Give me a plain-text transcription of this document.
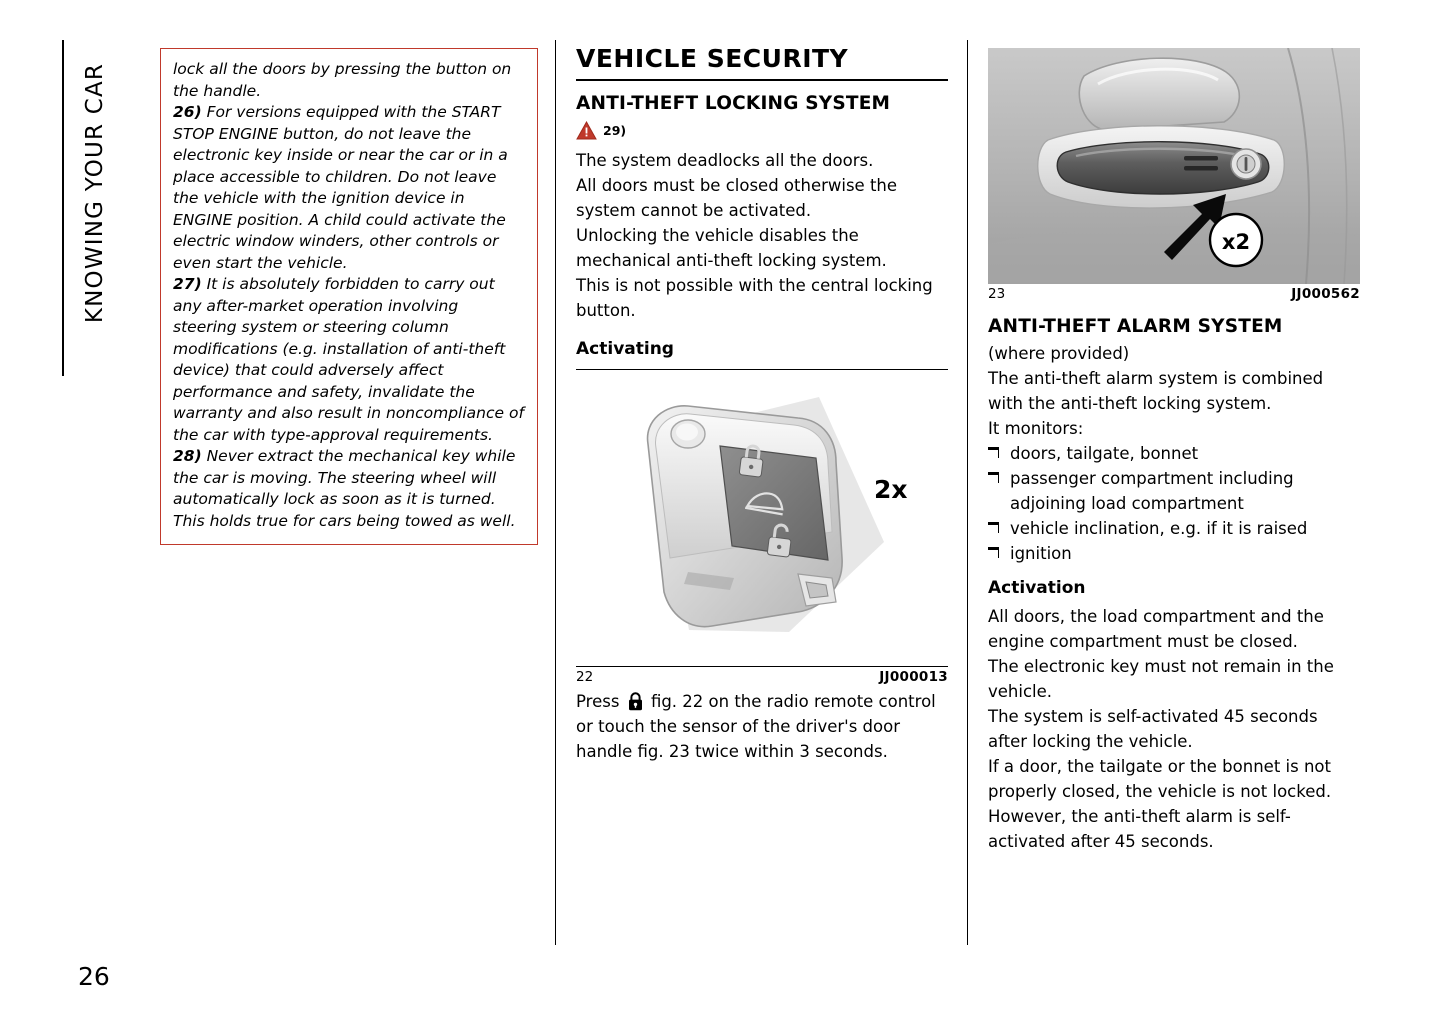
KNOWING YOUR CAR	lock all the doors by pressing the button on the handle.

26) For versions equipped with the START STOP ENGINE button, do not leave the electronic key inside or near the car or in a place accessible to children. Do not leave the vehicle with the ignition device in ENGINE position. A child could activate the electric window winders, other controls or even start the vehicle.

27) It is absolutely forbidden to carry out any after-market operation involving steering system or steering column modifications (e.g. installation of anti-theft device) that could adversely affect performance and safety, invalidate the warranty and also result in noncompliance of the car with type-approval requirements.

28) Never extract the mechanical key while the car is moving. The steering wheel will automatically lock as soon as it is turned. This holds true for cars being towed as well.

VEHICLE SECURITY
ANTI-THEFT LOCKING SYSTEM
29)

The system deadlocks all the doors.

All doors must be closed otherwise the system cannot be activated.

Unlocking the vehicle disables the mechanical anti-theft locking system.

This is not possible with the central locking button.

Activating
2x
22	JJ000013
Press fig. 22 on the radio remote control or touch the sensor of the driver's door handle fig. 23 twice within 3 seconds.
x2
23	JJ000562
ANTI-THEFT ALARM SYSTEM

(where provided)

The anti-theft alarm system is combined with the anti-theft locking system.

It monitors:

doors, tailgate, bonnet

passenger compartment including adjoining load compartment

vehicle inclination, e.g. if it is raised

ignition

Activation

All doors, the load compartment and the engine compartment must be closed.

The electronic key must not remain in the vehicle.

The system is self-activated 45 seconds after locking the vehicle.

If a door, the tailgate or the bonnet is not properly closed, the vehicle is not locked. However, the anti-theft alarm is self-activated after 45 seconds.

26
